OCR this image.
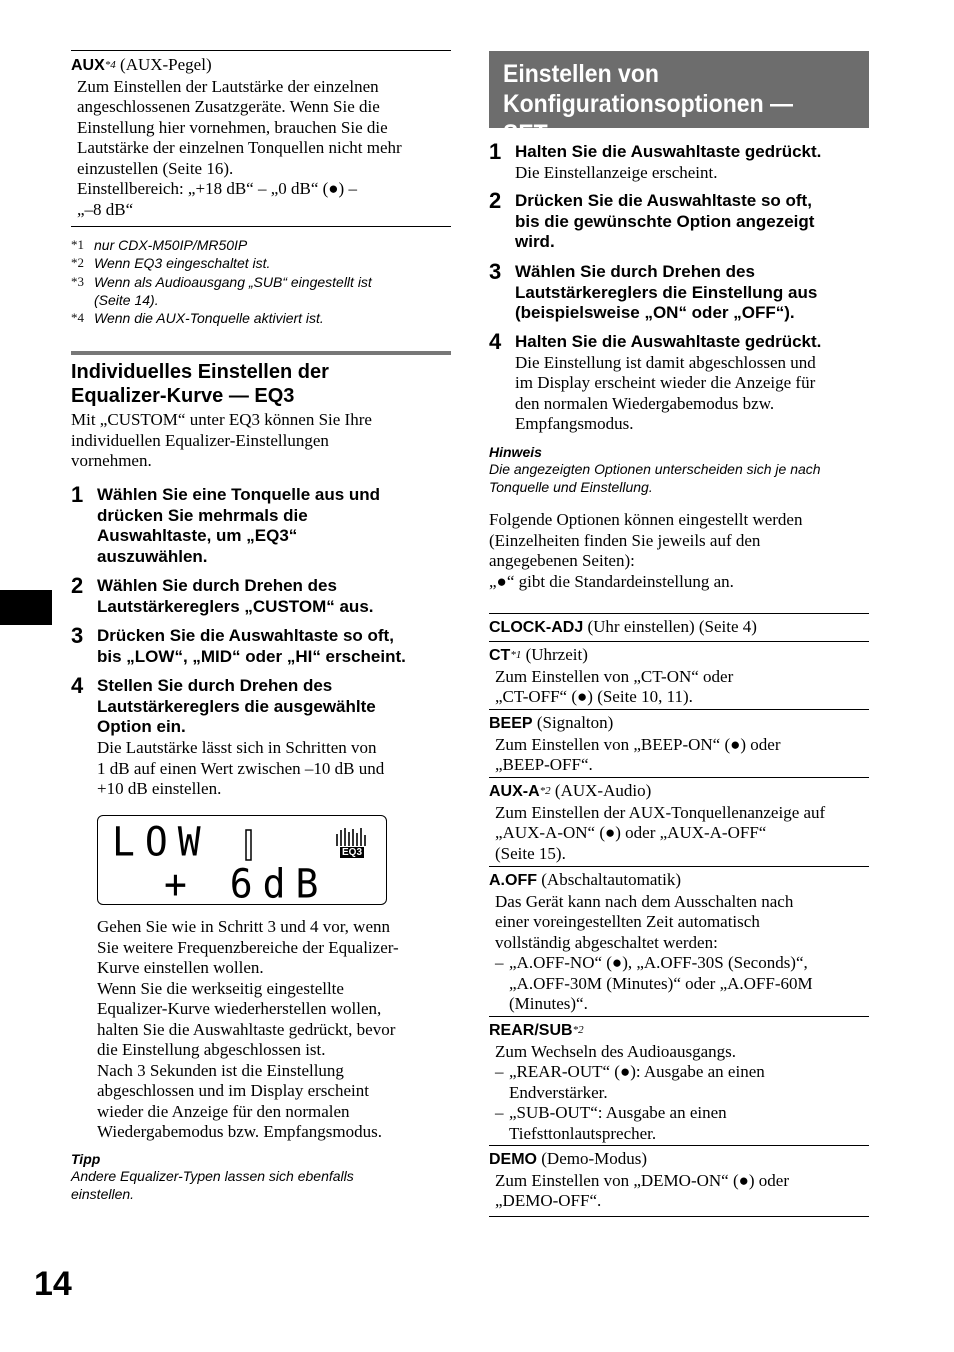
AUX$^{*4}$ (AUX-Pegel)
Zum Einstellen der Lautstärke der einzelnen
angeschlossenen Zusatzgeräte. Wenn Sie die
Einstellung hier vornehmen, brauchen Sie die
Lautstärke der einzelnen Tonquellen nicht mehr
einzustellen (Seite 16).
Einstellbereich: „+18 dB“ – „0 dB“ (●) –
„–8 dB“
*1 nur CDX-M50IP/MR50IP
*2 Wenn EQ3 eingeschaltet ist.
*3 Wenn als Audioausgang „SUB“ eingestellt ist
(Seite 14).
*4 Wenn die AUX-Tonquelle aktiviert ist.
Individuelles Einstellen der
Equalizer-Kurve — EQ3
Mit „CUSTOM“ unter EQ3 können Sie Ihre
individuellen Equalizer-Einstellungen
vornehmen.
1 Wählen Sie eine Tonquelle aus und
drücken Sie mehrmals die
Auswahltaste, um „EQ3“
auszuwählen.
2 Wählen Sie durch Drehen des
Lautstärkereglers „CUSTOM“ aus.
3 Drücken Sie die Auswahltaste so oft,
bis „LOW“, „MID“ oder „HI“ erscheint.
4 Stellen Sie durch Drehen des
Lautstärkereglers die ausgewählte
Option ein.
Die Lautstärke lässt sich in Schritten von
1 dB auf einen Wert zwischen –10 dB und
+10 dB einstellen.
LOW	EQ3
+ 6dB
Gehen Sie wie in Schritt 3 und 4 vor, wenn
Sie weitere Frequenzbereiche der Equalizer-
Kurve einstellen wollen.
Wenn Sie die werkseitig eingestellte
Equalizer-Kurve wiederherstellen wollen,
halten Sie die Auswahltaste gedrückt, bevor
die Einstellung abgeschlossen ist.
Nach 3 Sekunden ist die Einstellung
abgeschlossen und im Display erscheint
wieder die Anzeige für den normalen
Wiedergabemodus bzw. Empfangsmodus.
Tipp
Andere Equalizer-Typen lassen sich ebenfalls
einstellen.
Einstellen von
Konfigurationsoptionen — SET
1 Halten Sie die Auswahltaste gedrückt.
Die Einstellanzeige erscheint.
2 Drücken Sie die Auswahltaste so oft,
bis die gewünschte Option angezeigt
wird.
3 Wählen Sie durch Drehen des
Lautstärkereglers die Einstellung aus
(beispielsweise „ON“ oder „OFF“).
4 Halten Sie die Auswahltaste gedrückt.
Die Einstellung ist damit abgeschlossen und
im Display erscheint wieder die Anzeige für
den normalen Wiedergabemodus bzw.
Empfangsmodus.
Hinweis
Die angezeigten Optionen unterscheiden sich je nach
Tonquelle und Einstellung.
Folgende Optionen können eingestellt werden
(Einzelheiten finden Sie jeweils auf den
angegebenen Seiten):
„●“ gibt die Standardeinstellung an.
CLOCK-ADJ (Uhr einstellen) (Seite 4)
CT$^{*1}$ (Uhrzeit)
Zum Einstellen von „CT-ON“ oder
„CT-OFF“ (●) (Seite 10, 11).
BEEP (Signalton)
Zum Einstellen von „BEEP-ON“ (●) oder
„BEEP-OFF“.
AUX-$A^{*2}$ (AUX-Audio)
Zum Einstellen der AUX-Tonquellenanzeige auf
„AUX-A-ON“ (●) oder „AUX-A-OFF“
(Seite 15).
A.OFF (Abschaltautomatik)
Das Gerät kann nach dem Ausschalten nach
einer voreingestellten Zeit automatisch
vollständig abgeschaltet werden:
– „A.OFF-NO“ (●), „A.OFF-30S (Seconds)“,
„A.OFF-30M (Minutes)“ oder „A.OFF-60M
(Minutes)“.
REAR/SUB$^{*2}$
Zum Wechseln des Audioausgangs.
– „REAR-OUT“ (●): Ausgabe an einen
Endverstärker.
– „SUB-OUT“: Ausgabe an einen
Tiefsttonlautsprecher.
DEMO (Demo-Modus)
Zum Einstellen von „DEMO-ON“ (●) oder
„DEMO-OFF“.
14
